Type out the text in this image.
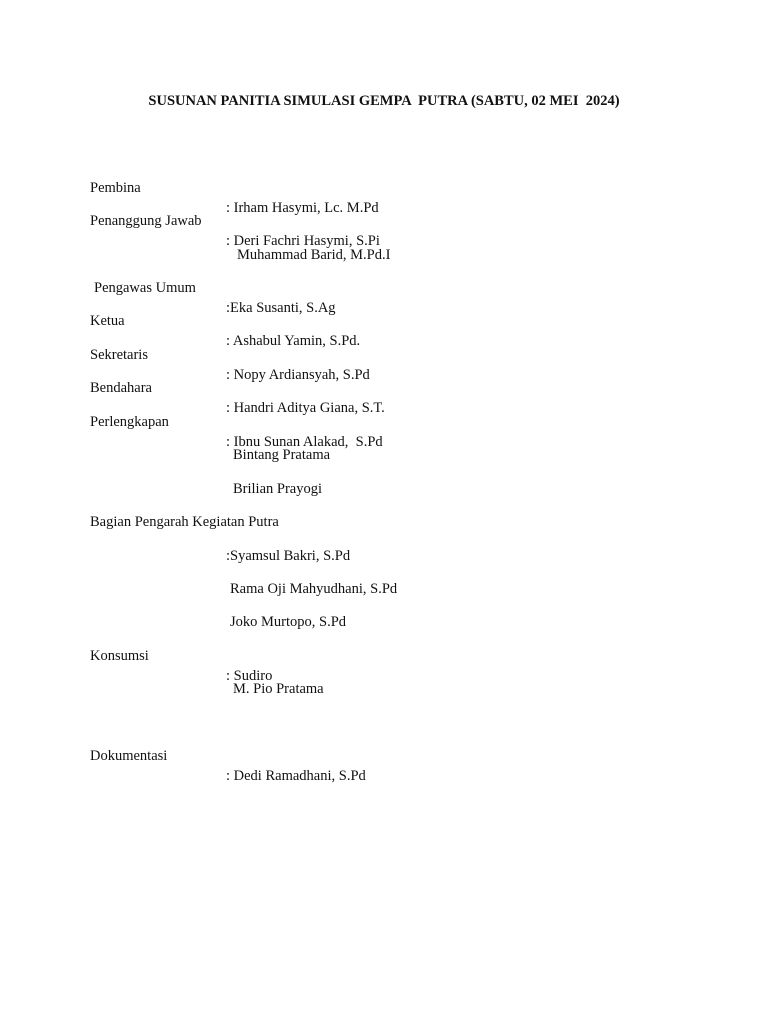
SUSUNAN PANITIA SIMULASI GEMPA  PUTRA (SABTU, 02 MEI  2024)

Pembina

: Irham Hasymi, Lc. M.Pd

Penanggung Jawab

: Deri Fachri Hasymi, S.Pi

Muhammad Barid, M.Pd.I

Pengawas Umum

:Eka Susanti, S.Ag

Ketua

: Ashabul Yamin, S.Pd.

Sekretaris

: Nopy Ardiansyah, S.Pd

Bendahara

: Handri Aditya Giana, S.T.

Perlengkapan

: Ibnu Sunan Alakad,  S.Pd

Bintang Pratama

Brilian Prayogi

Bagian Pengarah Kegiatan Putra

:Syamsul Bakri, S.Pd

Rama Oji Mahyudhani, S.Pd

Joko Murtopo, S.Pd

Konsumsi

: Sudiro

M. Pio Pratama

Dokumentasi

: Dedi Ramadhani, S.Pd
